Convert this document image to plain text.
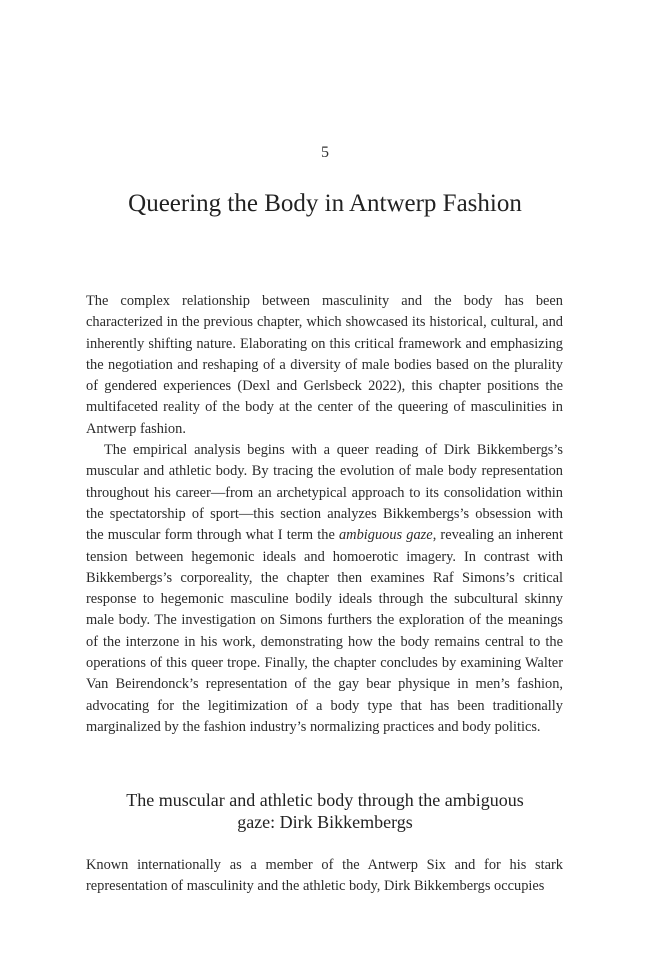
5
Queering the Body in Antwerp Fashion

The complex relationship between masculinity and the body has been characterized in the previous chapter, which showcased its historical, cultural, and inherently shifting nature. Elaborating on this critical framework and emphasizing the negotiation and reshaping of a diversity of male bodies based on the plurality of gendered experiences (Dexl and Gerlsbeck 2022), this chapter positions the multifaceted reality of the body at the center of the queering of masculinities in Antwerp fashion.

The empirical analysis begins with a queer reading of Dirk Bikkembergs’s muscular and athletic body. By tracing the evolution of male body representation throughout his career—from an archetypical approach to its consolidation within the spectatorship of sport—this section analyzes Bikkembergs’s obsession with the muscular form through what I term the ambiguous gaze, revealing an inherent tension between hegemonic ideals and homoerotic imagery. In contrast with Bikkembergs’s corporeality, the chapter then examines Raf Simons’s critical response to hegemonic masculine bodily ideals through the subcultural skinny male body. The investigation on Simons furthers the exploration of the meanings of the interzone in his work, demonstrating how the body remains central to the operations of this queer trope. Finally, the chapter concludes by examining Walter Van Beirendonck’s representation of the gay bear physique in men’s fashion, advocating for the legitimization of a body type that has been traditionally marginalized by the fashion industry’s normalizing practices and body politics.

The muscular and athletic body through the ambiguous
gaze: Dirk Bikkembergs

Known internationally as a member of the Antwerp Six and for his stark representation of masculinity and the athletic body, Dirk Bikkembergs occupies
